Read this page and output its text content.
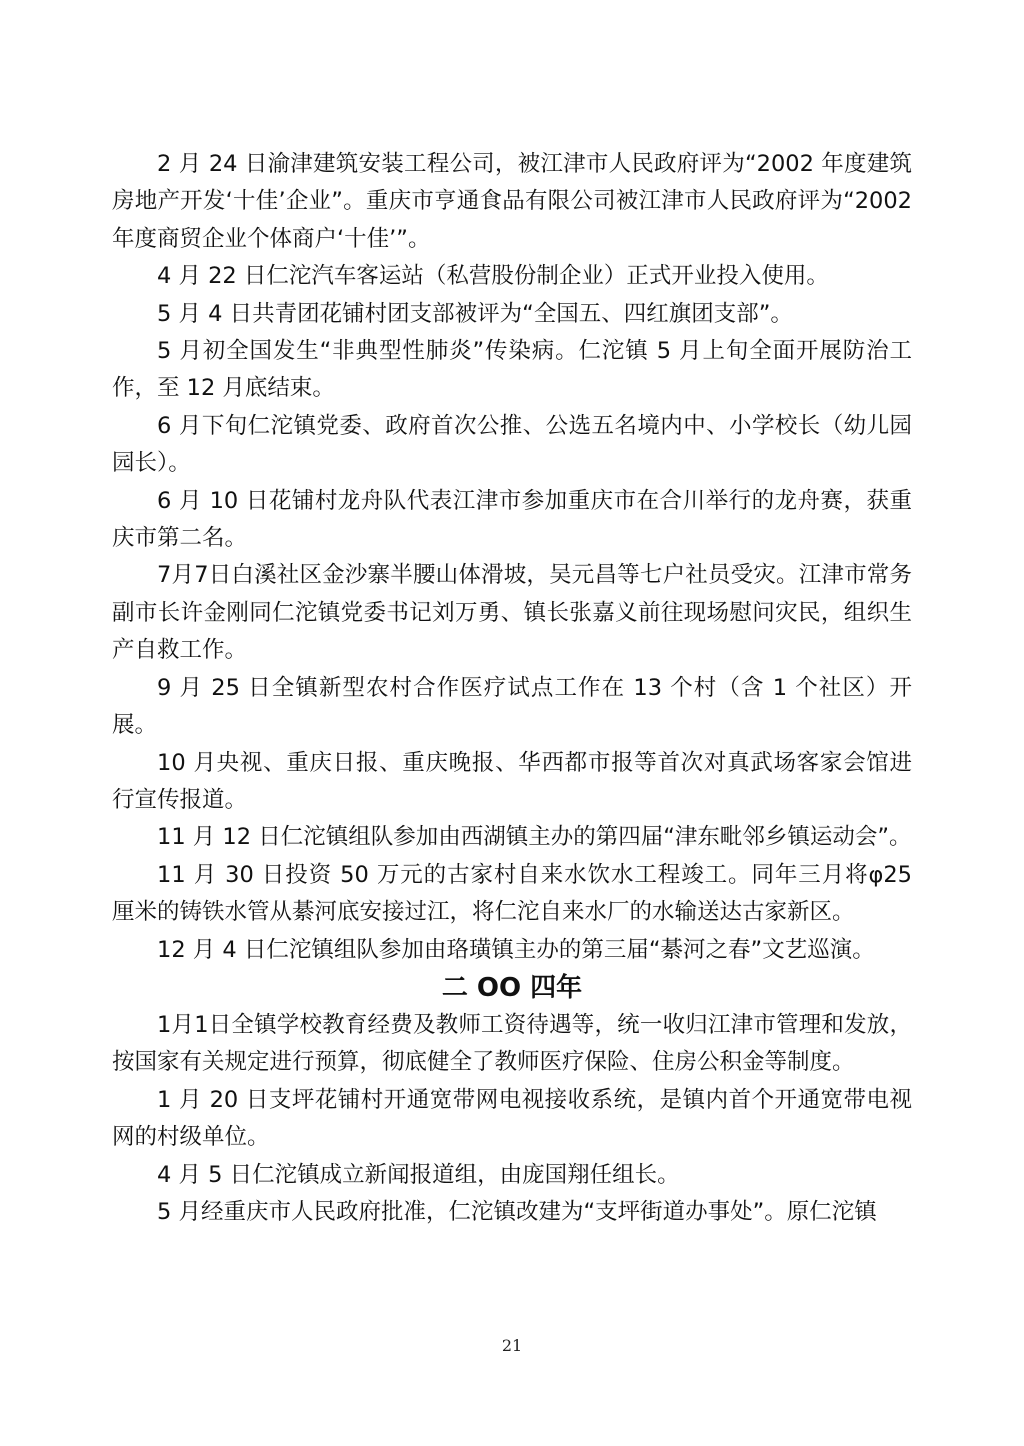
2 月 24 日渝津建筑安装工程公司，被江津市人民政府评为“2002 年度建筑房地产开发‘十佳’企业”。重庆市亨通食品有限公司被江津市人民政府评为“2002 年度商贸企业个体商户‘十佳’”。

4 月 22 日仁沱汽车客运站（私营股份制企业）正式开业投入使用。

5 月 4 日共青团花铺村团支部被评为“全国五、四红旗团支部”。

5 月初全国发生“非典型性肺炎”传染病。仁沱镇 5 月上旬全面开展防治工作，至 12 月底结束。

6 月下旬仁沱镇党委、政府首次公推、公选五名境内中、小学校长（幼儿园园长）。

6 月 10 日花铺村龙舟队代表江津市参加重庆市在合川举行的龙舟赛，获重庆市第二名。

7月7日白溪社区金沙寨半腰山体滑坡，吴元昌等七户社员受灾。江津市常务副市长许金刚同仁沱镇党委书记刘万勇、镇长张嘉义前往现场慰问灾民，组织生产自救工作。

9 月 25 日全镇新型农村合作医疗试点工作在 13 个村（含 1 个社区）开展。

10 月央视、重庆日报、重庆晚报、华西都市报等首次对真武场客家会馆进行宣传报道。

11 月 12 日仁沱镇组队参加由西湖镇主办的第四届“津东毗邻乡镇运动会”。

11 月 30 日投资 50 万元的古家村自来水饮水工程竣工。同年三月将φ25 厘米的铸铁水管从綦河底安接过江，将仁沱自来水厂的水输送达古家新区。

12 月 4 日仁沱镇组队参加由珞璜镇主办的第三届“綦河之春”文艺巡演。

二 OO 四年

1月1日全镇学校教育经费及教师工资待遇等，统一收归江津市管理和发放，按国家有关规定进行预算，彻底健全了教师医疗保险、住房公积金等制度。

1 月 20 日支坪花铺村开通宽带网电视接收系统，是镇内首个开通宽带电视网的村级单位。

4 月 5 日仁沱镇成立新闻报道组，由庞国翔任组长。

5 月经重庆市人民政府批准，仁沱镇改建为“支坪街道办事处”。原仁沱镇

21
